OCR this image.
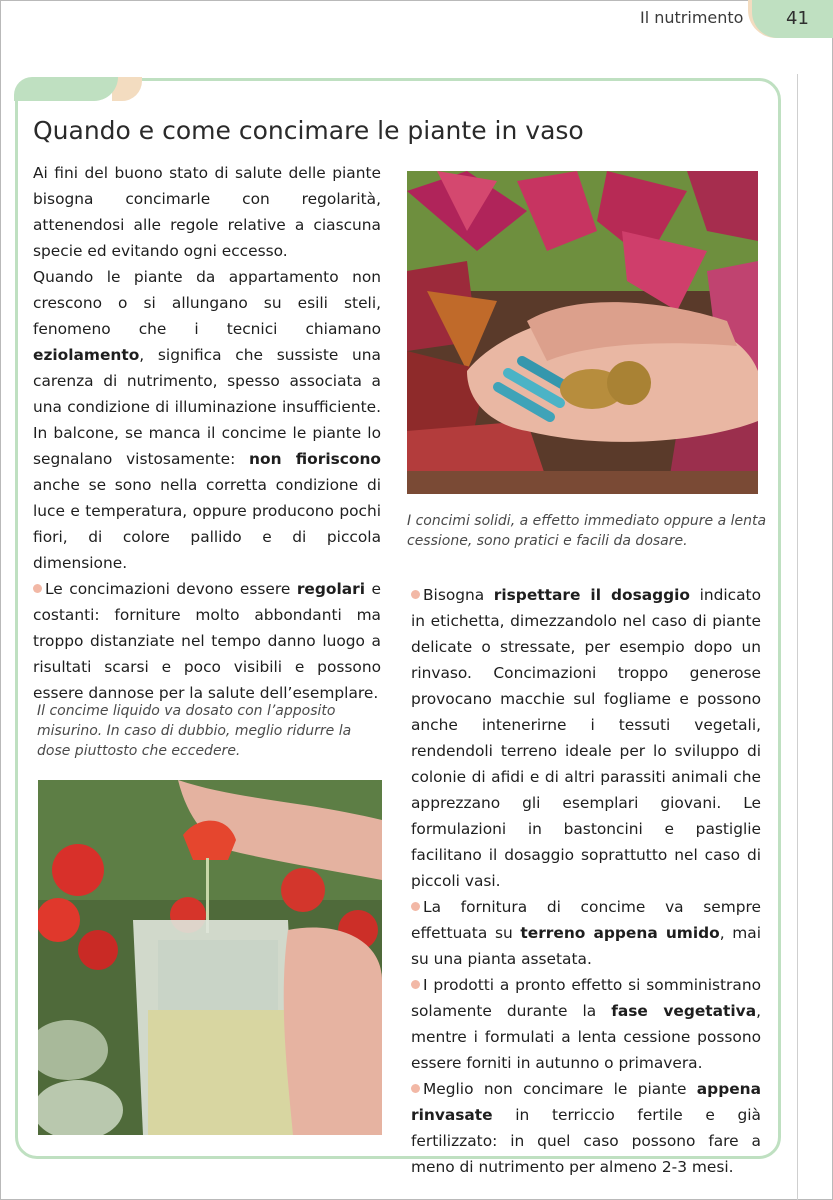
Il nutrimento 41
Quando e come concimare le piante in vaso

Ai fini del buono stato di salute delle piante bisogna concimarle con regolarità, attenendosi alle regole relative a ciascuna specie ed evitando ogni eccesso.

Quando le piante da appartamento non crescono o si allungano su esili steli, fenomeno che i tecnici chiamano eziolamento, significa che sussiste una carenza di nutrimento, spesso associata a una condizione di illuminazione insufficiente. In balcone, se manca il concime le piante lo segnalano vistosamente: non fioriscono anche se sono nella corretta condizione di luce e temperatura, oppure producono pochi fiori, di colore pallido e di piccola dimensione.

Le concimazioni devono essere regolari e costanti: forniture molto abbondanti ma troppo distanziate nel tempo danno luogo a risultati scarsi e poco visibili e possono essere dannose per la salute dell’esemplare.

I concimi solidi, a effetto immediato oppure a lenta cessione, sono pratici e facili da dosare.
Il concime liquido va dosato con l’apposito misurino. In caso di dubbio, meglio ridurre la dose piuttosto che eccedere.

Bisogna rispettare il dosaggio indicato in etichetta, dimezzandolo nel caso di piante delicate o stressate, per esempio dopo un rinvaso. Concimazioni troppo generose provocano macchie sul fogliame e possono anche intenerirne i tessuti vegetali, rendendoli terreno ideale per lo sviluppo di colonie di afidi e di altri parassiti animali che apprezzano gli esemplari giovani. Le formulazioni in bastoncini e pastiglie facilitano il dosaggio soprattutto nel caso di piccoli vasi.

La fornitura di concime va sempre effettuata su terreno appena umido, mai su una pianta assetata.

I prodotti a pronto effetto si somministrano solamente durante la fase vegetativa, mentre i formulati a lenta cessione possono essere forniti in autunno o primavera.

Meglio non concimare le piante appena rinvasate in terriccio fertile e già fertilizzato: in quel caso possono fare a meno di nutrimento per almeno 2-3 mesi.
